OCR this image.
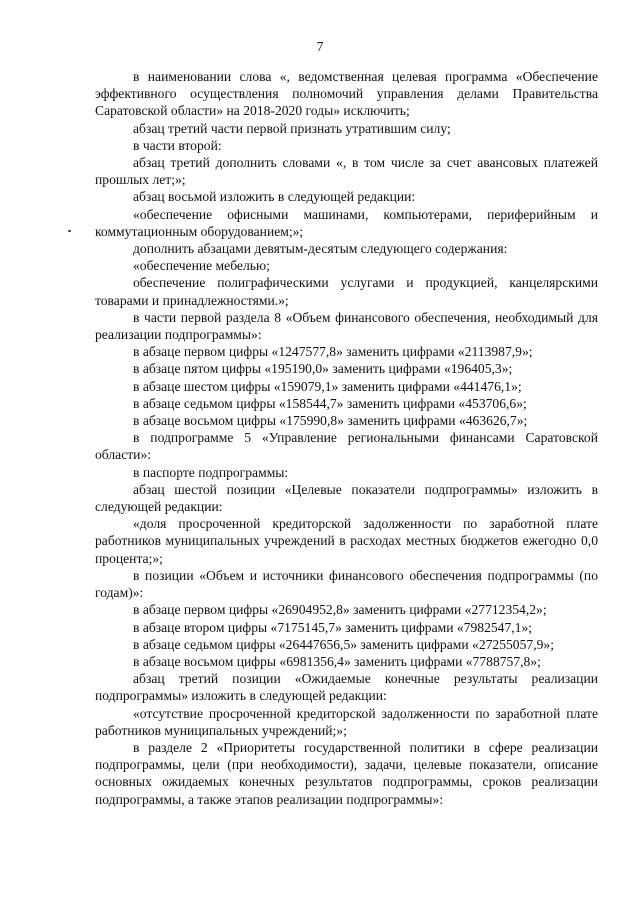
7

в наименовании слова «, ведомственная целевая программа «Обеспечение эффективного осуществления полномочий управления делами Правительства Саратовской области» на 2018-2020 годы» исключить;

абзац третий части первой признать утратившим силу;

в части второй:

абзац третий дополнить словами «, в том числе за счет авансовых платежей прошлых лет;»;

абзац восьмой изложить в следующей редакции:

«обеспечение офисными машинами, компьютерами, периферийным и коммутационным оборудованием;»;

дополнить абзацами девятым-десятым следующего содержания:

«обеспечение мебелью;

обеспечение полиграфическими услугами и продукцией, канцелярскими товарами и принадлежностями.»;

в части первой раздела 8 «Объем финансового обеспечения, необходимый для реализации подпрограммы»:

в абзаце первом цифры «1247577,8» заменить цифрами «2113987,9»;

в абзаце пятом цифры «195190,0» заменить цифрами «196405,3»;

в абзаце шестом цифры «159079,1» заменить цифрами «441476,1»;

в абзаце седьмом цифры «158544,7» заменить цифрами «453706,6»;

в абзаце восьмом цифры «175990,8» заменить цифрами «463626,7»;

в подпрограмме 5 «Управление региональными финансами Саратовской области»:

в паспорте подпрограммы:

абзац шестой позиции «Целевые показатели подпрограммы» изложить в следующей редакции:

«доля просроченной кредиторской задолженности по заработной плате работников муниципальных учреждений в расходах местных бюджетов ежегодно 0,0 процента;»;

в позиции «Объем и источники финансового обеспечения подпрограммы (по годам)»:

в абзаце первом цифры «26904952,8» заменить цифрами «27712354,2»;

в абзаце втором цифры «7175145,7» заменить цифрами «7982547,1»;

в абзаце седьмом цифры «26447656,5» заменить цифрами «27255057,9»;

в абзаце восьмом цифры «6981356,4» заменить цифрами «7788757,8»;

абзац третий позиции «Ожидаемые конечные результаты реализации подпрограммы» изложить в следующей редакции:

«отсутствие просроченной кредиторской задолженности по заработной плате работников муниципальных учреждений;»;

в разделе 2 «Приоритеты государственной политики в сфере реализации подпрограммы, цели (при необходимости), задачи, целевые показатели, описание основных ожидаемых конечных результатов подпрограммы, сроков реализации подпрограммы, а также этапов реализации подпрограммы»:
